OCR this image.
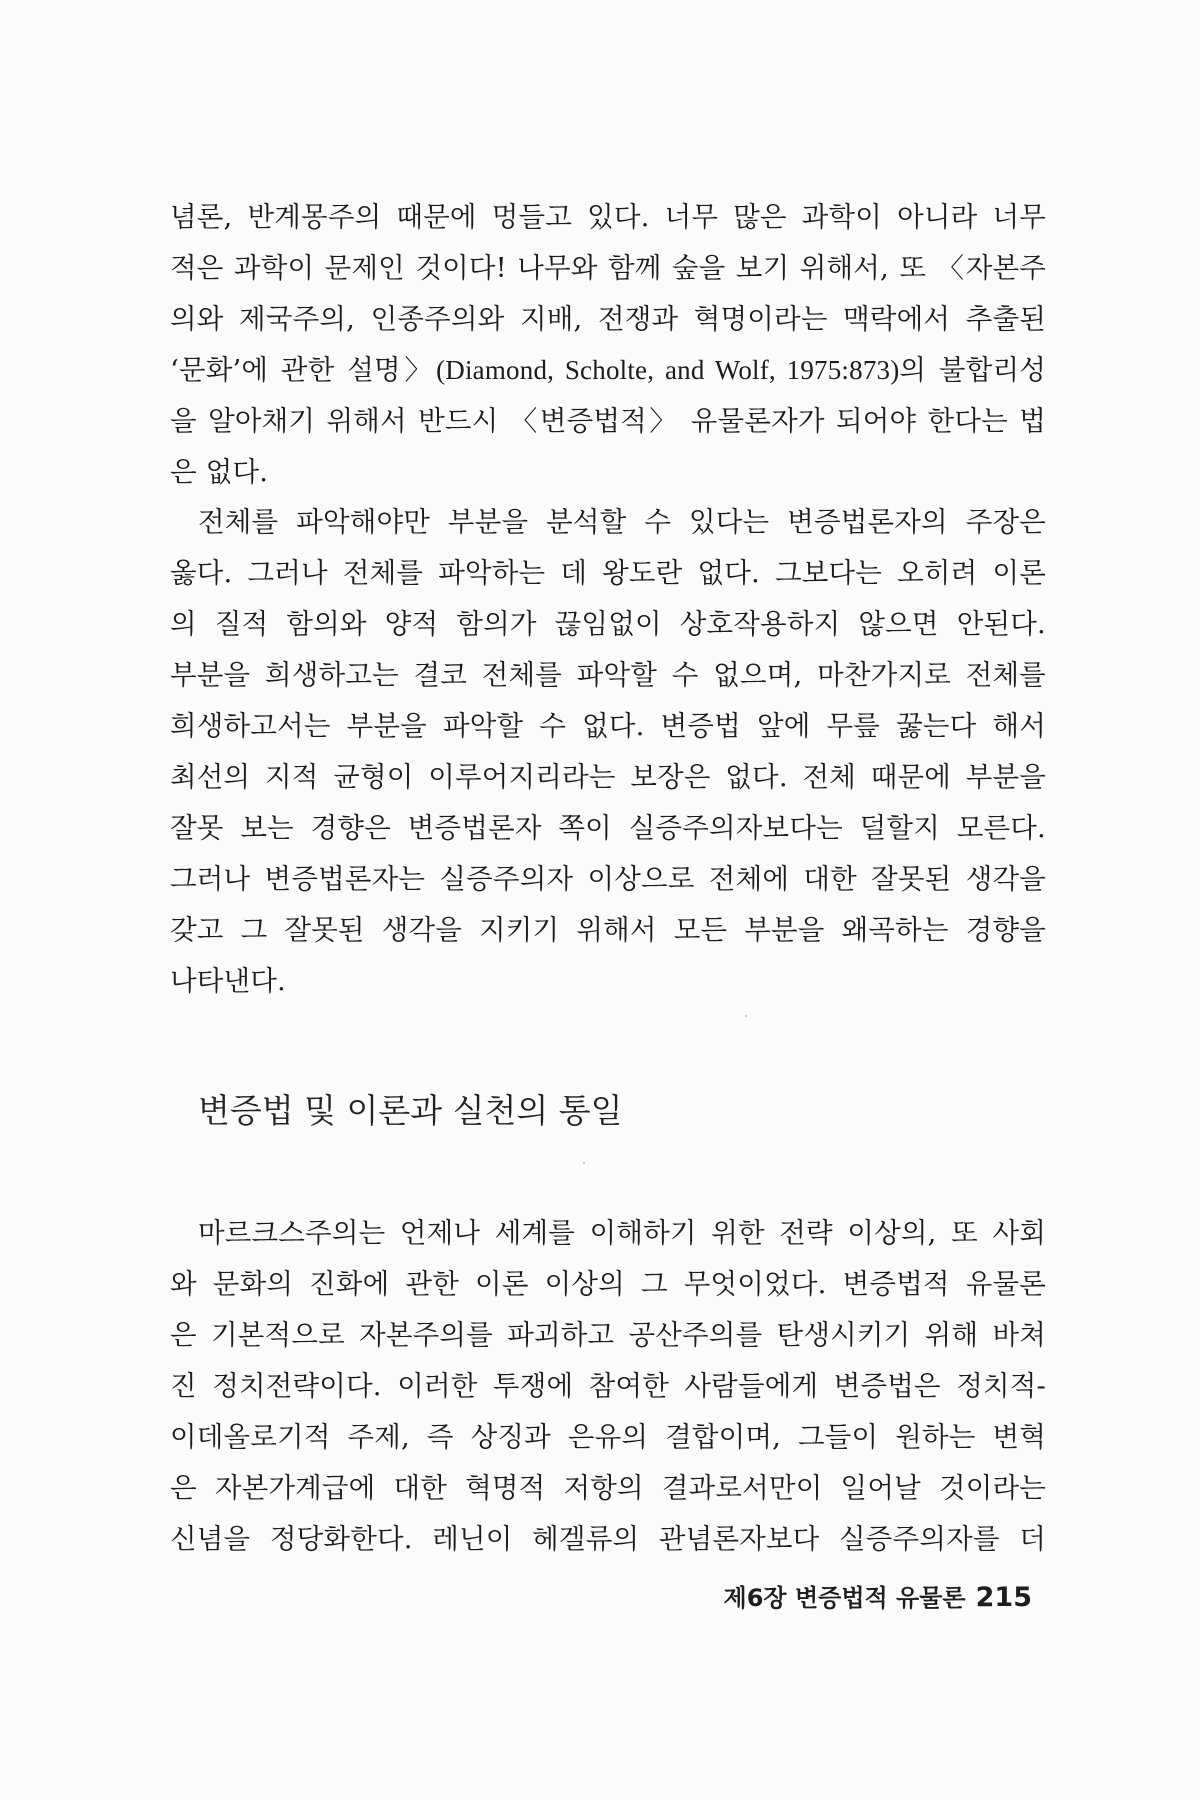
념론, 반계몽주의 때문에 멍들고 있다. 너무 많은 과학이 아니라 너무
적은 과학이 문제인 것이다! 나무와 함께 숲을 보기 위해서, 또 〈자본주
의와 제국주의, 인종주의와 지배, 전쟁과 혁명이라는 맥락에서 추출된
‘문화’에 관한 설명〉(Diamond, Scholte, and Wolf, 1975:873)의 불합리성
을 알아채기 위해서 반드시 〈변증법적〉 유물론자가 되어야 한다는 법
은 없다.
전체를 파악해야만 부분을 분석할 수 있다는 변증법론자의 주장은
옳다. 그러나 전체를 파악하는 데 왕도란 없다. 그보다는 오히려 이론
의 질적 함의와 양적 함의가 끊임없이 상호작용하지 않으면 안된다.
부분을 희생하고는 결코 전체를 파악할 수 없으며, 마찬가지로 전체를
희생하고서는 부분을 파악할 수 없다. 변증법 앞에 무릎 꿇는다 해서
최선의 지적 균형이 이루어지리라는 보장은 없다. 전체 때문에 부분을
잘못 보는 경향은 변증법론자 쪽이 실증주의자보다는 덜할지 모른다.
그러나 변증법론자는 실증주의자 이상으로 전체에 대한 잘못된 생각을
갖고 그 잘못된 생각을 지키기 위해서 모든 부분을 왜곡하는 경향을
나타낸다.
변증법 및 이론과 실천의 통일
마르크스주의는 언제나 세계를 이해하기 위한 전략 이상의, 또 사회
와 문화의 진화에 관한 이론 이상의 그 무엇이었다. 변증법적 유물론
은 기본적으로 자본주의를 파괴하고 공산주의를 탄생시키기 위해 바쳐
진 정치전략이다. 이러한 투쟁에 참여한 사람들에게 변증법은 정치적-
이데올로기적 주제, 즉 상징과 은유의 결합이며, 그들이 원하는 변혁
은 자본가계급에 대한 혁명적 저항의 결과로서만이 일어날 것이라는
신념을 정당화한다. 레닌이 헤겔류의 관념론자보다 실증주의자를 더
제6장 변증법적 유물론 215
